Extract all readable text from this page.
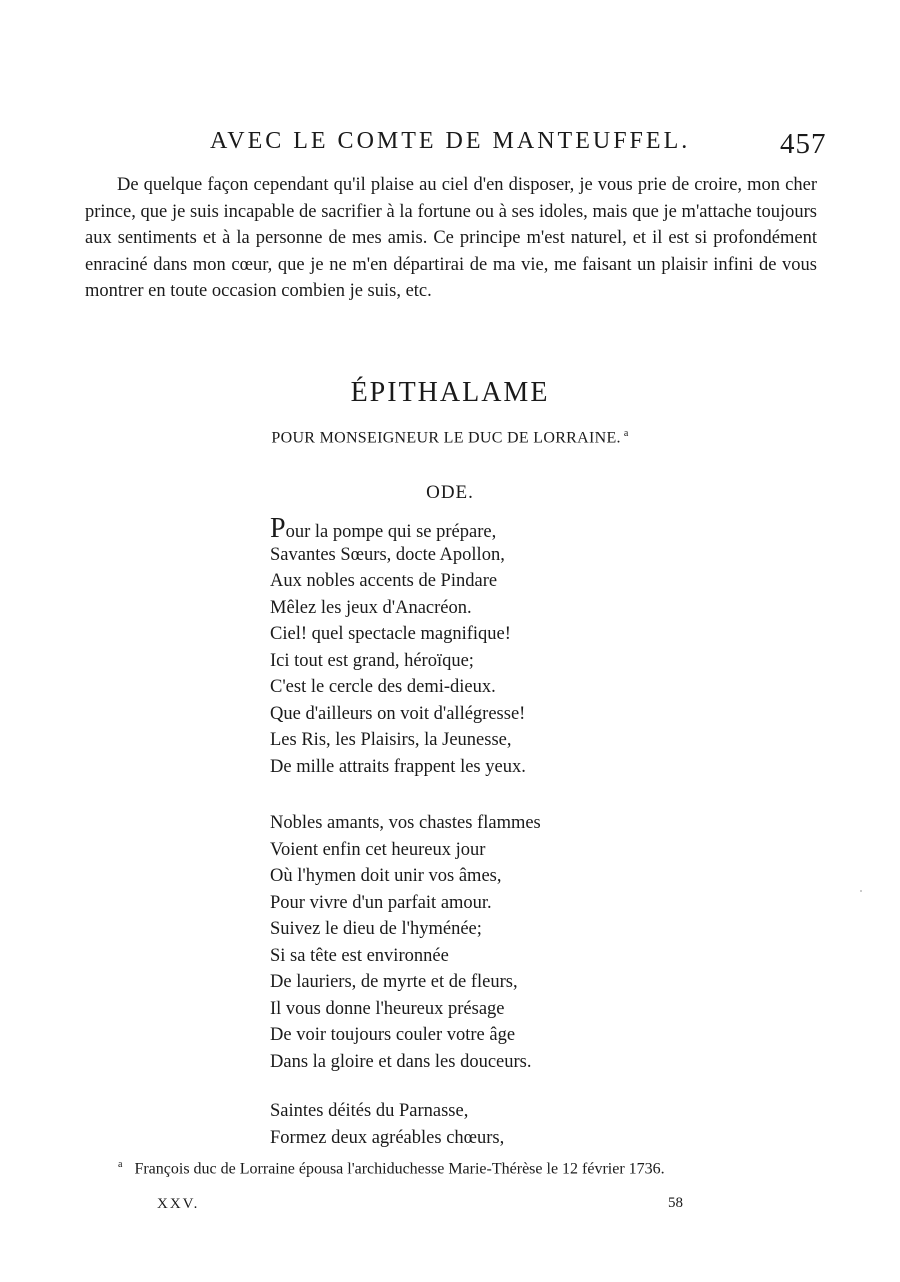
AVEC LE COMTE DE MANTEUFFEL.	457

De quelque façon cependant qu'il plaise au ciel d'en disposer, je vous prie de croire, mon cher prince, que je suis incapable de sacrifier à la fortune ou à ses idoles, mais que je m'attache toujours aux sentiments et à la personne de mes amis. Ce principe m'est naturel, et il est si profondément enraciné dans mon cœur, que je ne m'en départirai de ma vie, me faisant un plaisir infini de vous montrer en toute occasion combien je suis, etc.

ÉPITHALAME
POUR MONSEIGNEUR LE DUC DE LORRAINE. $^a$
ODE.
Pour la pompe qui se prépare,
Savantes Sœurs, docte Apollon,
Aux nobles accents de Pindare
Mêlez les jeux d'Anacréon.
Ciel! quel spectacle magnifique!
Ici tout est grand, héroïque;
C'est le cercle des demi-dieux.
Que d'ailleurs on voit d'allégresse!
Les Ris, les Plaisirs, la Jeunesse,
De mille attraits frappent les yeux.
Nobles amants, vos chastes flammes
Voient enfin cet heureux jour
Où l'hymen doit unir vos âmes,
Pour vivre d'un parfait amour.
Suivez le dieu de l'hyménée;
Si sa tête est environnée
De lauriers, de myrte et de fleurs,
Il vous donne l'heureux présage
De voir toujours couler votre âge
Dans la gloire et dans les douceurs.
Saintes déités du Parnasse,
Formez deux agréables chœurs,
$^a$ François duc de Lorraine épousa l'archiduchesse Marie-Thérèse le 12 février 1736.
XXV.	58
